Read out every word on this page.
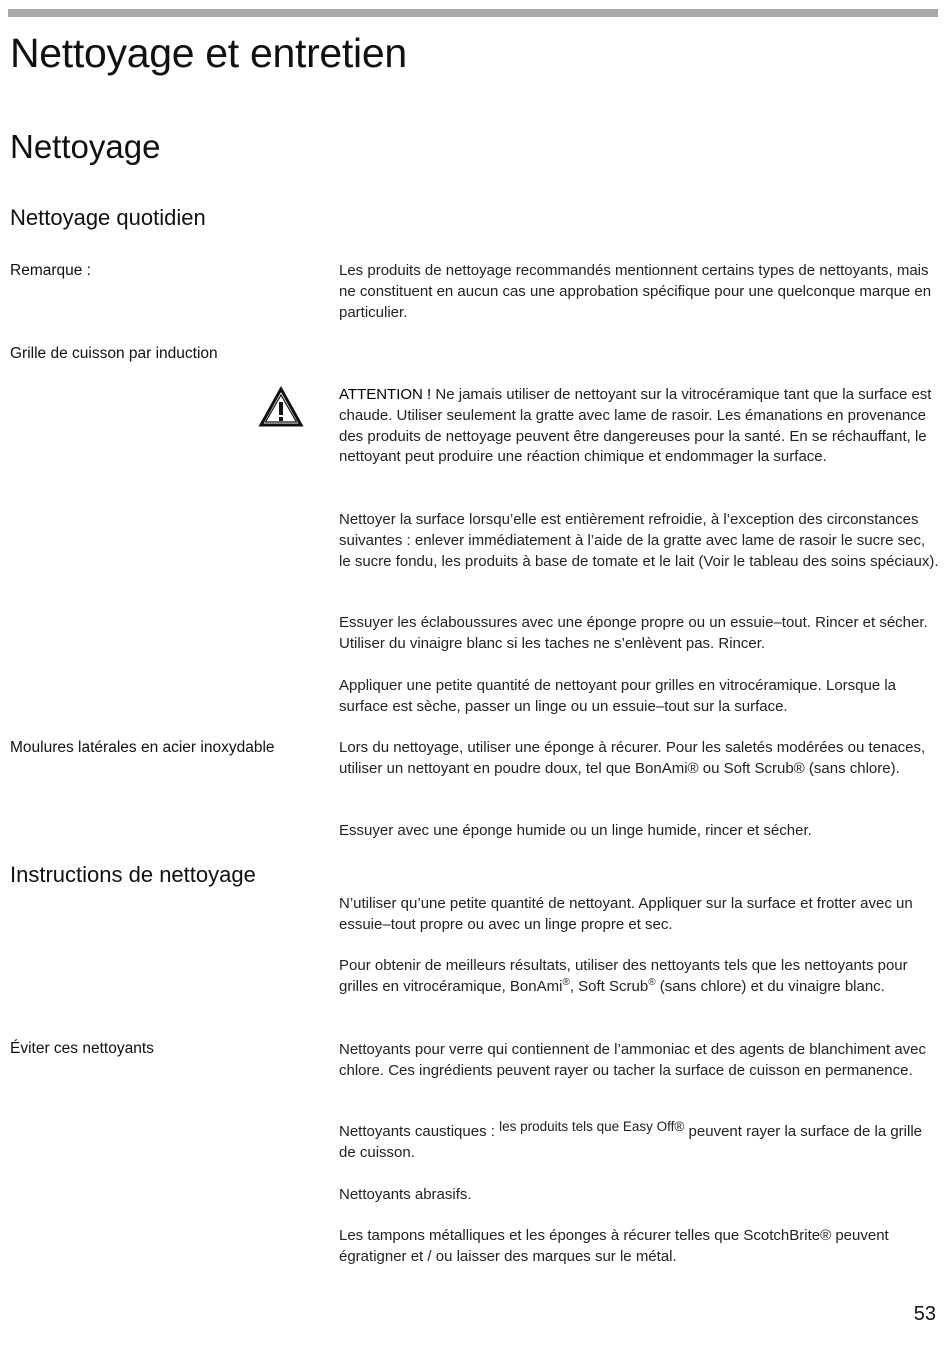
Nettoyage et entretien
Nettoyage
Nettoyage quotidien

Remarque :	Les produits de nettoyage recommandés mentionnent certains types de nettoyants, mais ne constituent en aucun cas une approbation spécifique pour une quelconque marque en particulier.

Grille de cuisson par induction

ATTENTION ! Ne jamais utiliser de nettoyant sur la vitrocéramique tant que la surface est chaude. Utiliser seulement la gratte avec lame de rasoir. Les émanations en provenance des produits de nettoyage peuvent être dangereuses pour la santé. En se réchauffant, le nettoyant peut produire une réaction chimique et endommager la surface.

Nettoyer la surface lorsqu’elle est entièrement refroidie, à l’exception des circonstances suivantes : enlever immédiatement à l’aide de la gratte avec lame de rasoir le sucre sec, le sucre fondu, les produits à base de tomate et le lait (Voir le tableau des soins spéciaux).

Essuyer les éclaboussures avec une éponge propre ou un essuie–tout. Rincer et sécher. Utiliser du vinaigre blanc si les taches ne s’enlèvent pas. Rincer.

Appliquer une petite quantité de nettoyant pour grilles en vitrocéramique. Lorsque la surface est sèche, passer un linge ou un essuie–tout sur la surface.

Moulures latérales en acier inoxydable	Lors du nettoyage, utiliser une éponge à récurer. Pour les saletés modérées ou tenaces, utiliser un nettoyant en poudre doux, tel que BonAmi® ou Soft Scrub® (sans chlore).

Essuyer avec une éponge humide ou un linge humide, rincer et sécher.

Instructions de nettoyage

N’utiliser qu’une petite quantité de nettoyant. Appliquer sur la surface et frotter avec un essuie–tout propre ou avec un linge propre et sec.

Pour obtenir de meilleurs résultats, utiliser des nettoyants tels que les nettoyants pour grilles en vitrocéramique, BonAmi®, Soft Scrub® (sans chlore) et du vinaigre blanc.

Éviter ces nettoyants	Nettoyants pour verre qui contiennent de l’ammoniac et des agents de blanchiment avec chlore. Ces ingrédients peuvent rayer ou tacher la surface de cuisson en permanence.

Nettoyants caustiques : les produits tels que Easy Off® peuvent rayer la surface de la grille de cuisson.

Nettoyants abrasifs.

Les tampons métalliques et les éponges à récurer telles que ScotchBrite® peuvent égratigner et / ou laisser des marques sur le métal.

53
